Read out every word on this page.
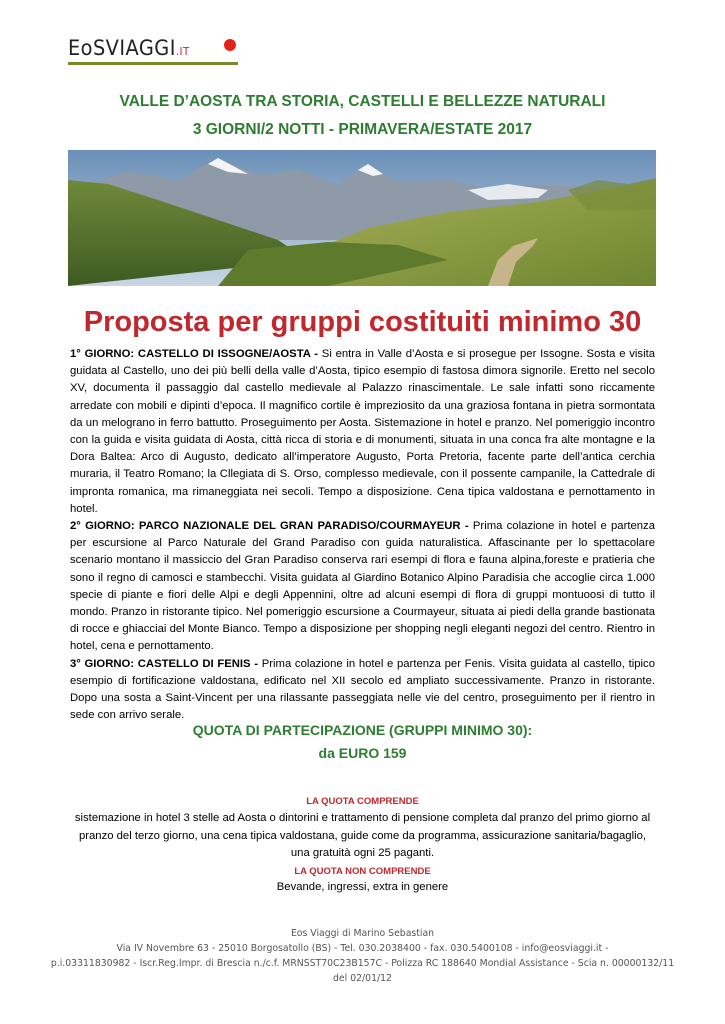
EoSVIAGGI.IT
VALLE D’AOSTA TRA STORIA, CASTELLI E BELLEZZE NATURALI
3 GIORNI/2 NOTTI - PRIMAVERA/ESTATE 2017
Proposta per gruppi costituiti minimo 30

1° GIORNO: CASTELLO DI ISSOGNE/AOSTA - Si entra in Valle d’Aosta e si prosegue per Issogne. Sosta e visita guidata al Castello, uno dei più belli della valle d’Aosta, tipico esempio di fastosa dimora signorile. Eretto nel secolo XV, documenta il passaggio dal castello medievale al Palazzo rinascimentale. Le sale infatti sono riccamente arredate con mobili e dipinti d’epoca. Il magnifico cortile è impreziosito da una graziosa fontana in pietra sormontata da un melograno in ferro battutto. Proseguimento per Aosta. Sistemazione in hotel e pranzo. Nel pomeriggio incontro con la guida e visita guidata di Aosta, città ricca di storia e di monumenti, situata in una conca fra alte montagne e la Dora Baltea: Arco di Augusto, dedicato all’imperatore Augusto, Porta Pretoria, facente parte dell’antica cerchia muraria, il Teatro Romano; la Cllegiata di S. Orso, complesso medievale, con il possente campanile, la Cattedrale di impronta romanica, ma rimaneggiata nei secoli. Tempo a disposizione. Cena tipica valdostana e pernottamento in hotel.

2° GIORNO: PARCO NAZIONALE DEL GRAN PARADISO/COURMAYEUR - Prima colazione in hotel e partenza per escursione al Parco Naturale del Grand Paradiso con guida naturalistica. Affascinante per lo spettacolare scenario montano il massiccio del Gran Paradiso conserva rari esempi di flora e fauna alpina,foreste e pratieria che sono il regno di camosci e stambecchi. Visita guidata al Giardino Botanico Alpino Paradisia che accoglie circa 1.000 specie di piante e fiori delle Alpi e degli Appennini, oltre ad alcuni esempi di flora di gruppi montuoosi di tutto il mondo. Pranzo in ristorante tipico. Nel pomeriggio escursione a Courmayeur, situata ai piedi della grande bastionata di rocce e ghiacciai del Monte Bianco. Tempo a disposizione per shopping negli eleganti negozi del centro. Rientro in hotel, cena e pernottamento.

3° GIORNO: CASTELLO DI FENIS - Prima colazione in hotel e partenza per Fenis. Visita guidata al castello, tipico esempio di fortificazione valdostana, edificato nel XII secolo ed ampliato successivamente. Pranzo in ristorante. Dopo una sosta a Saint-Vincent per una rilassante passeggiata nelle vie del centro, proseguimento per il rientro in sede con arrivo serale.

QUOTA DI PARTECIPAZIONE (GRUPPI MINIMO 30):
da EURO 159
LA QUOTA COMPRENDE
sistemazione in hotel 3 stelle ad Aosta o dintorini e trattamento di pensione completa dal pranzo del primo giorno al pranzo del terzo giorno, una cena tipica valdostana, guide come da programma, assicurazione sanitaria/bagaglio, una gratuità ogni 25 paganti.
LA QUOTA NON COMPRENDE
Bevande, ingressi, extra in genere
Eos Viaggi di Marino Sebastian
Via IV Novembre 63 - 25010 Borgosatollo (BS) - Tel. 030.2038400 - fax. 030.5400108 - info@eosviaggi.it -
p.i.03311830982 - Iscr.Reg.Impr. di Brescia n./c.f. MRNSST70C23B157C - Polizza RC 188640 Mondial Assistance - Scia n. 00000132/11
del 02/01/12
